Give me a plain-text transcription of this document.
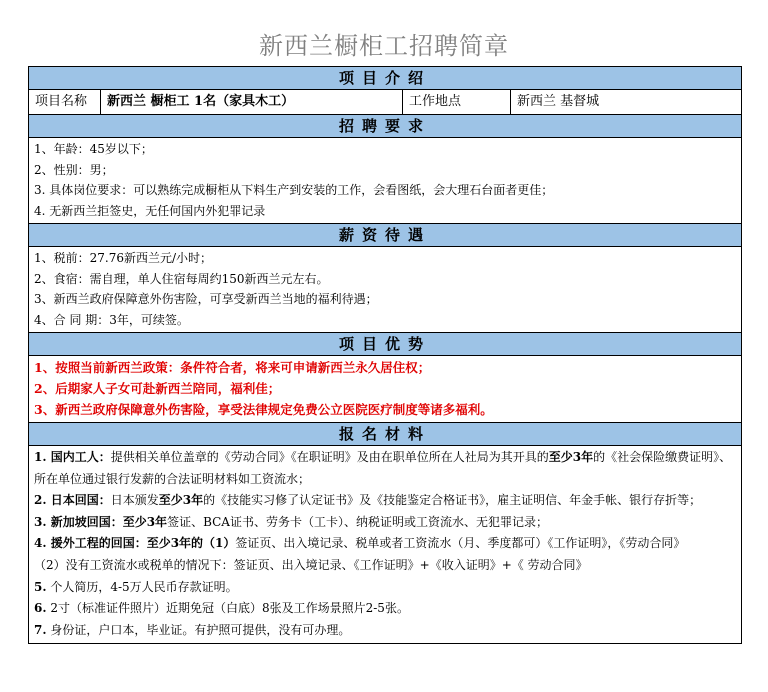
新西兰橱柜工招聘简章
项目介绍
项目名称	新西兰 橱柜工 1名（家具木工）	工作地点	新西兰 基督城
招聘要求
1、年龄：45岁以下；
2、性别：男；
3. 具体岗位要求：可以熟练完成橱柜从下料生产到安装的工作，会看图纸，会大理石台面者更佳；
4. 无新西兰拒签史，无任何国内外犯罪记录
薪资待遇
1、税前：27.76新西兰元/小时；
2、食宿：需自理，单人住宿每周约150新西兰元左右。
3、新西兰政府保障意外伤害险，可享受新西兰当地的福利待遇；
4、合 同 期：3年，可续签。
项目优势
1、按照当前新西兰政策：条件符合者，将来可申请新西兰永久居住权；
2、后期家人子女可赴新西兰陪同，福利佳；
3、新西兰政府保障意外伤害险，享受法律规定免费公立医院医疗制度等诸多福利。
报名材料
1. 国内工人：提供相关单位盖章的《劳动合同》《在职证明》及由在职单位所在人社局为其开具的至少3年的《社会保险缴费证明》、所在单位通过银行发薪的合法证明材料如工资流水；
2. 日本回国：日本颁发至少3年的《技能实习修了认定证书》及《技能鉴定合格证书》，雇主证明信、年金手帐、银行存折等；
3. 新加坡回国：至少3年签证、BCA证书、劳务卡（工卡）、纳税证明或工资流水、无犯罪记录；
4. 援外工程的回国：至少3年的（1）签证页、出入境记录、税单或者工资流水（月、季度都可）《工作证明》，《劳动合同》
（2）没有工资流水或税单的情况下：签证页、出入境记录、《工作证明》+《收入证明》+《 劳动合同》
5. 个人简历，4-5万人民币存款证明。
6. 2寸（标准证件照片）近期免冠（白底）8张及工作场景照片2-5张。
7. 身份证，户口本，毕业证。有护照可提供，没有可办理。
